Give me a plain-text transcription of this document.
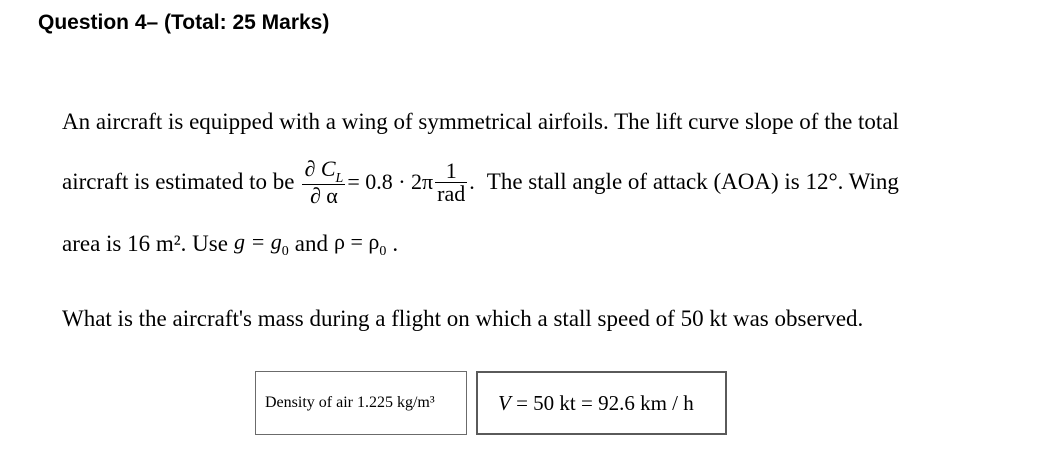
Question 4– (Total: 25 Marks)
An aircraft is equipped with a wing of symmetrical airfoils. The lift curve slope of the total
aircraft is estimated to be $\frac{\partial C_L}{\partial \alpha} = 0.8 \cdot 2\pi \frac{1}{\text{rad}}$ . The stall angle of attack (AOA) is 12°. Wing
area is 16 m². Use $g = g_0$ and $\rho = \rho_0$ .
What is the aircraft's mass during a flight on which a stall speed of 50 kt was observed.
Density of air 1.225 kg/m³	V = 50 kt = 92.6 km / h
